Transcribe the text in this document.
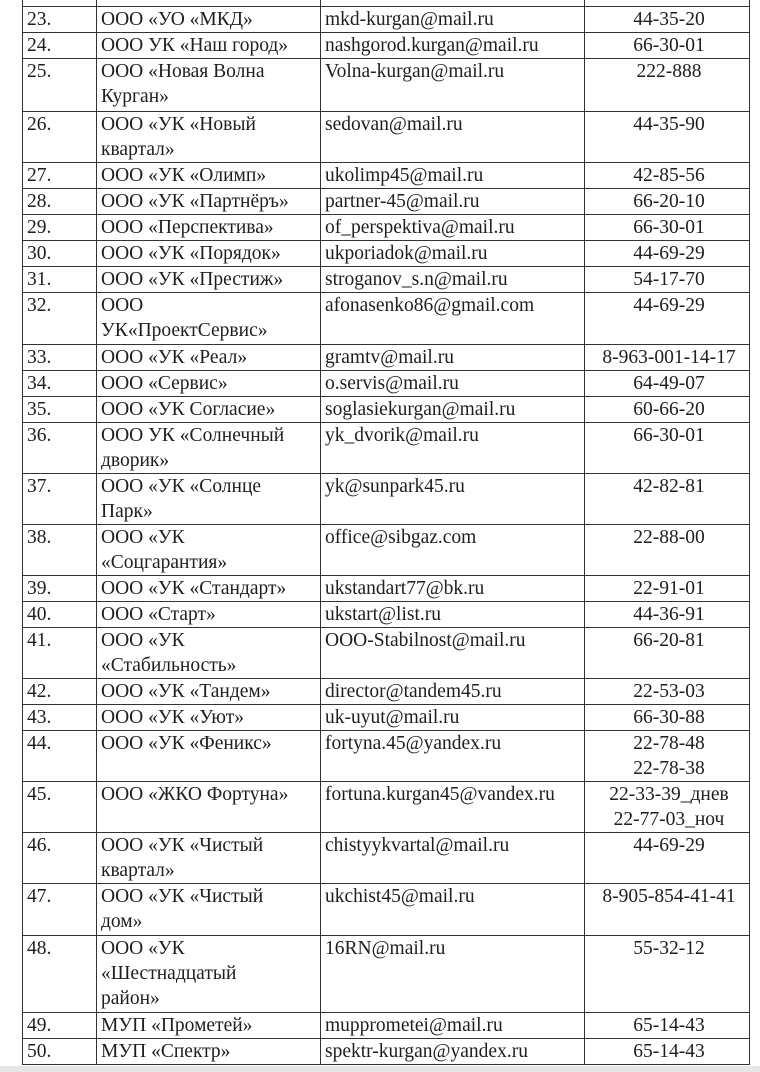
23.	ООО «УО «МКД»	mkd-kurgan@mail.ru	44-35-20
24.	ООО УК «Наш город»	nashgorod.kurgan@mail.ru	66-30-01
25.	ООО «Новая Волна
Курган»	Volna-kurgan@mail.ru	222-888
26.	ООО «УК «Новый
квартал»	sedovan@mail.ru	44-35-90
27.	ООО «УК «Олимп»	ukolimp45@mail.ru	42-85-56
28.	ООО «УК «Партнёръ»	partner-45@mail.ru	66-20-10
29.	ООО «Перспектива»	of_perspektiva@mail.ru	66-30-01
30.	ООО «УК «Порядок»	ukporiadok@mail.ru	44-69-29
31.	ООО «УК «Престиж»	stroganov_s.n@mail.ru	54-17-70
32.	ООО
УК«ПроектСервис»	afonasenko86@gmail.com	44-69-29
33.	ООО «УК «Реал»	gramtv@mail.ru	8-963-001-14-17
34.	ООО «Сервис»	o.servis@mail.ru	64-49-07
35.	ООО «УК Согласие»	soglasiekurgan@mail.ru	60-66-20
36.	ООО УК «Солнечный
дворик»	yk_dvorik@mail.ru	66-30-01
37.	ООО «УК «Солнце
Парк»	yk@sunpark45.ru	42-82-81
38.	ООО «УК
«Соцгарантия»	office@sibgaz.com	22-88-00
39.	ООО «УК «Стандарт»	ukstandart77@bk.ru	22-91-01
40.	ООО «Старт»	ukstart@list.ru	44-36-91
41.	ООО «УК
«Стабильность»	OOO-Stabilnost@mail.ru	66-20-81
42.	ООО «УК «Тандем»	director@tandem45.ru	22-53-03
43.	ООО «УК «Уют»	uk-uyut@mail.ru	66-30-88
44.	ООО «УК «Феникс»	fortyna.45@yandex.ru	22-78-48
22-78-38
45.	ООО «ЖКО Фортуна»	fortuna.kurgan45@vandex.ru	22-33-39_днев
22-77-03_ноч
46.	ООО «УК «Чистый
квартал»	chistyykvartal@mail.ru	44-69-29
47.	ООО «УК «Чистый
дом»	ukchist45@mail.ru	8-905-854-41-41
48.	ООО «УК
«Шестнадцатый
район»	16RN@mail.ru	55-32-12
49.	МУП «Прометей»	mupprometei@mail.ru	65-14-43
50.	МУП «Спектр»	spektr-kurgan@yandex.ru	65-14-43
